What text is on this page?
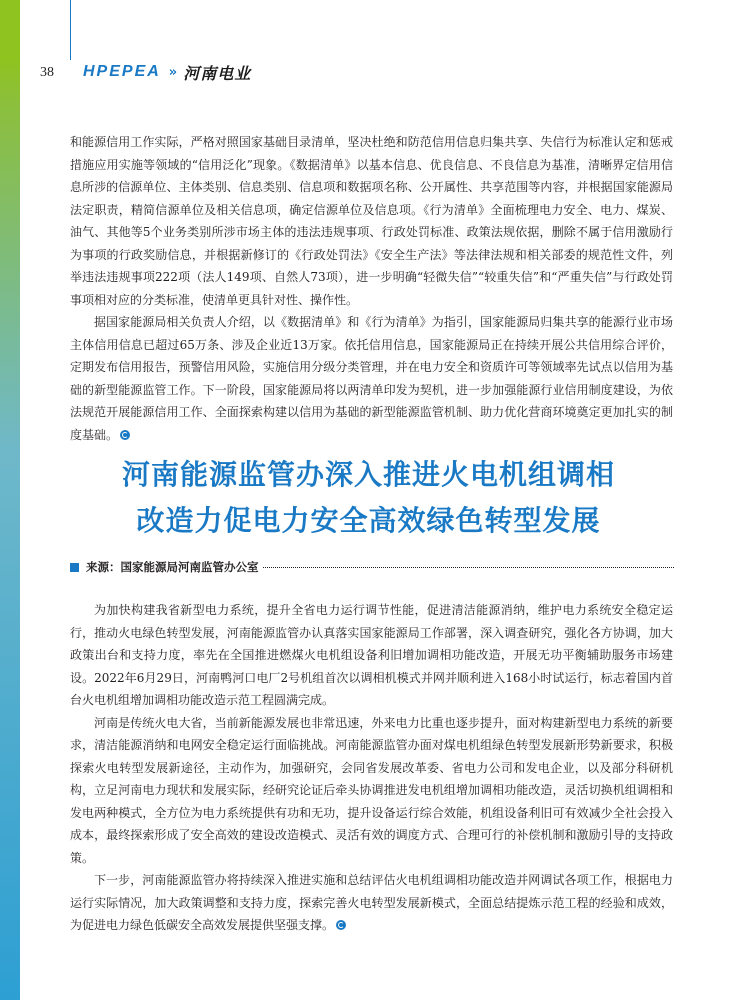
38 HPEPEA » 河南电业

和能源信用工作实际，严格对照国家基础目录清单，坚决杜绝和防范信用信息归集共享、失信行为标准认定和惩戒措施应用实施等领域的“信用泛化”现象。《数据清单》以基本信息、优良信息、不良信息为基准，清晰界定信用信息所涉的信源单位、主体类别、信息类别、信息项和数据项名称、公开属性、共享范围等内容，并根据国家能源局法定职责，精简信源单位及相关信息项，确定信源单位及信息项。《行为清单》全面梳理电力安全、电力、煤炭、油气、其他等5个业务类别所涉市场主体的违法违规事项、行政处罚标准、政策法规依据，删除不属于信用激励行为事项的行政奖励信息，并根据新修订的《行政处罚法》《安全生产法》等法律法规和相关部委的规范性文件，列举违法违规事项222项（法人149项、自然人73项），进一步明确“轻微失信”“较重失信”和“严重失信”与行政处罚事项相对应的分类标准，使清单更具针对性、操作性。

据国家能源局相关负责人介绍，以《数据清单》和《行为清单》为指引，国家能源局归集共享的能源行业市场主体信用信息已超过65万条、涉及企业近13万家。依托信用信息，国家能源局正在持续开展公共信用综合评价，定期发布信用报告，预警信用风险，实施信用分级分类管理，并在电力安全和资质许可等领域率先试点以信用为基础的新型能源监管工作。下一阶段，国家能源局将以两清单印发为契机，进一步加强能源行业信用制度建设，为依法规范开展能源信用工作、全面探索构建以信用为基础的新型能源监管机制、助力优化营商环境奠定更加扎实的制度基础。

河南能源监管办深入推进火电机组调相
改造力促电力安全高效绿色转型发展
来源：国家能源局河南监管办公室

为加快构建我省新型电力系统，提升全省电力运行调节性能，促进清洁能源消纳，维护电力系统安全稳定运行，推动火电绿色转型发展，河南能源监管办认真落实国家能源局工作部署，深入调查研究，强化各方协调，加大政策出台和支持力度，率先在全国推进燃煤火电机组设备利旧增加调相功能改造，开展无功平衡辅助服务市场建设。2022年6月29日，河南鸭河口电厂2号机组首次以调相机模式并网并顺利进入168小时试运行，标志着国内首台火电机组增加调相功能改造示范工程圆满完成。

河南是传统火电大省，当前新能源发展也非常迅速，外来电力比重也逐步提升，面对构建新型电力系统的新要求，清洁能源消纳和电网安全稳定运行面临挑战。河南能源监管办面对煤电机组绿色转型发展新形势新要求，积极探索火电转型发展新途径，主动作为，加强研究，会同省发展改革委、省电力公司和发电企业，以及部分科研机构，立足河南电力现状和发展实际，经研究论证后牵头协调推进发电机组增加调相功能改造，灵活切换机组调相和发电两种模式，全方位为电力系统提供有功和无功，提升设备运行综合效能，机组设备利旧可有效减少全社会投入成本，最终探索形成了安全高效的建设改造模式、灵活有效的调度方式、合理可行的补偿机制和激励引导的支持政策。

下一步，河南能源监管办将持续深入推进实施和总结评估火电机组调相功能改造并网调试各项工作，根据电力运行实际情况，加大政策调整和支持力度，探索完善火电转型发展新模式，全面总结提炼示范工程的经验和成效，为促进电力绿色低碳安全高效发展提供坚强支撑。
